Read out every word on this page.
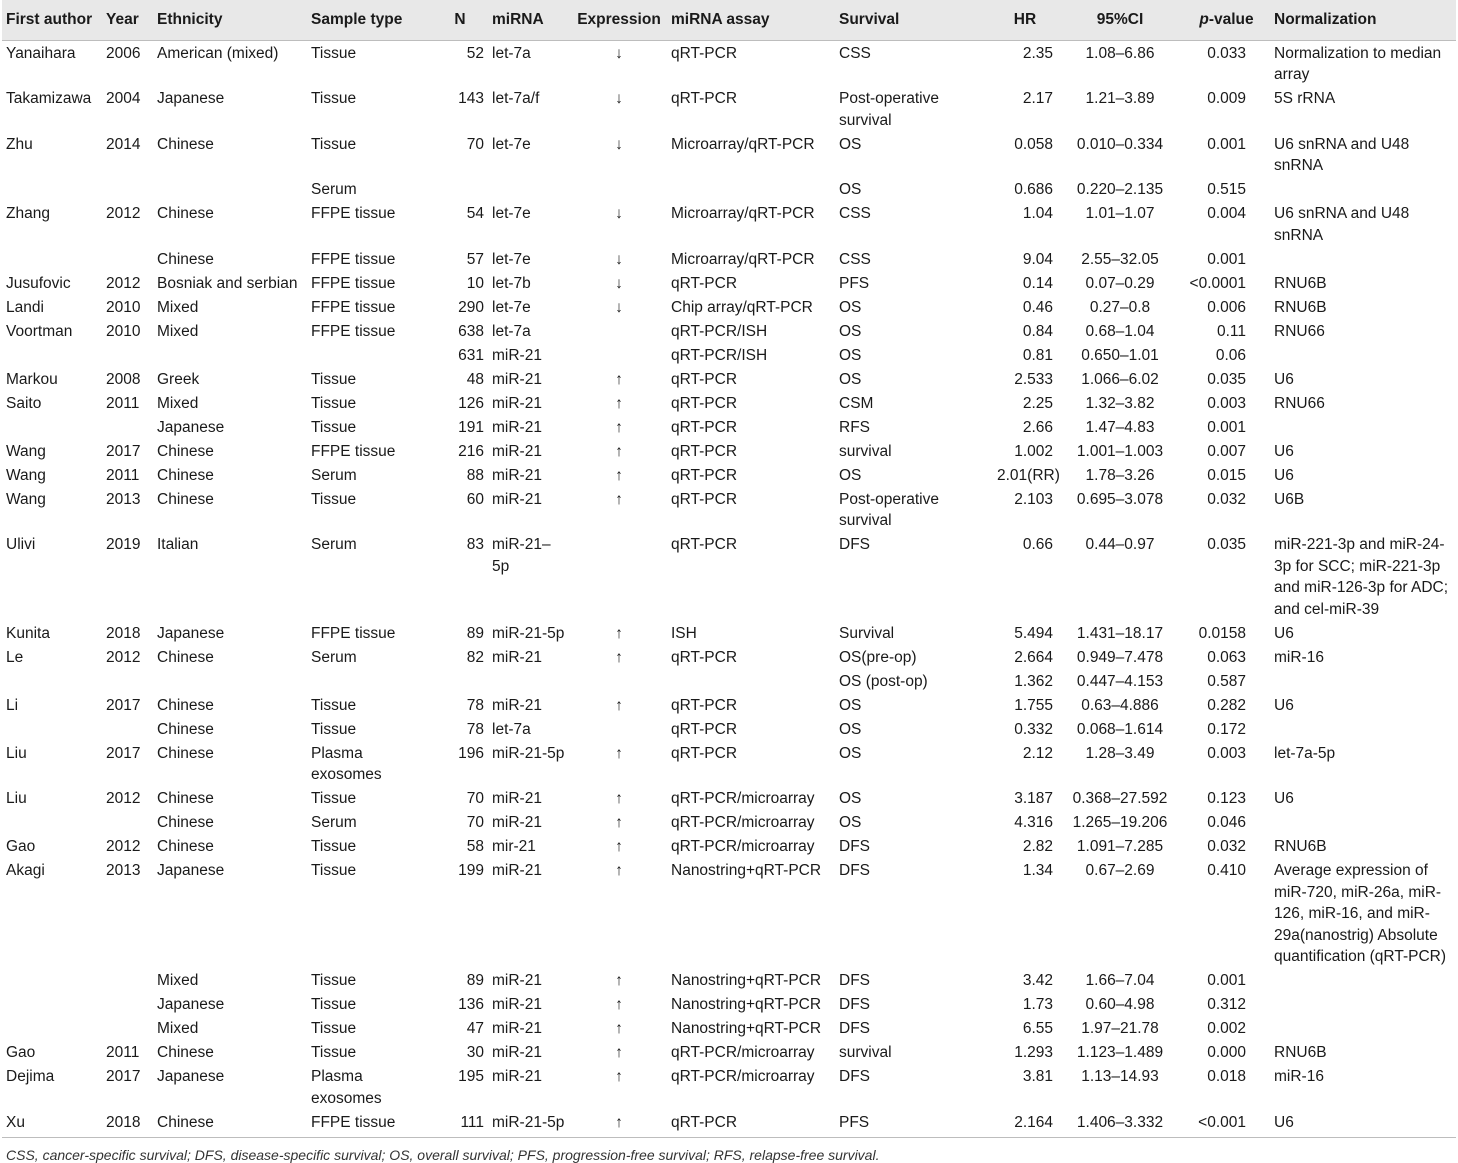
First author	Year	Ethnicity	Sample type	N	miRNA	Expression	miRNA assay	Survival	HR	95%CI	p-value	Normalization
Yanaihara	2006	American (mixed)	Tissue	52	let-7a	↓	qRT-PCR	CSS	2.35	1.08–6.86	0.033	Normalization to median array
Takamizawa	2004	Japanese	Tissue	143	let-7a/f	↓	qRT-PCR	Post-operative survival	2.17	1.21–3.89	0.009	5S rRNA
Zhu	2014	Chinese	Tissue	70	let-7e	↓	Microarray/qRT-PCR	OS	0.058	0.010–0.334	0.001	U6 snRNA and U48 snRNA
			Serum					OS	0.686	0.220–2.135	0.515	
Zhang	2012	Chinese	FFPE tissue	54	let-7e	↓	Microarray/qRT-PCR	CSS	1.04	1.01–1.07	0.004	U6 snRNA and U48 snRNA
		Chinese	FFPE tissue	57	let-7e	↓	Microarray/qRT-PCR	CSS	9.04	2.55–32.05	0.001	
Jusufovic	2012	Bosniak and serbian	FFPE tissue	10	let-7b	↓	qRT-PCR	PFS	0.14	0.07–0.29	<0.0001	RNU6B
Landi	2010	Mixed	FFPE tissue	290	let-7e	↓	Chip array/qRT-PCR	OS	0.46	0.27–0.8	0.006	RNU6B
Voortman	2010	Mixed	FFPE tissue	638	let-7a		qRT-PCR/ISH	OS	0.84	0.68–1.04	0.11	RNU66
				631	miR-21		qRT-PCR/ISH	OS	0.81	0.650–1.01	0.06	
Markou	2008	Greek	Tissue	48	miR-21	↑	qRT-PCR	OS	2.533	1.066–6.02	0.035	U6
Saito	2011	Mixed	Tissue	126	miR-21	↑	qRT-PCR	CSM	2.25	1.32–3.82	0.003	RNU66
		Japanese	Tissue	191	miR-21	↑	qRT-PCR	RFS	2.66	1.47–4.83	0.001	
Wang	2017	Chinese	FFPE tissue	216	miR-21	↑	qRT-PCR	survival	1.002	1.001–1.003	0.007	U6
Wang	2011	Chinese	Serum	88	miR-21	↑	qRT-PCR	OS	2.01(RR)	1.78–3.26	0.015	U6
Wang	2013	Chinese	Tissue	60	miR-21	↑	qRT-PCR	Post-operative survival	2.103	0.695–3.078	0.032	U6B
Ulivi	2019	Italian	Serum	83	miR-21–5p		qRT-PCR	DFS	0.66	0.44–0.97	0.035	miR-221-3p and miR-24-3p for SCC; miR-221-3p and miR-126-3p for ADC; and cel-miR-39
Kunita	2018	Japanese	FFPE tissue	89	miR-21-5p	↑	ISH	Survival	5.494	1.431–18.17	0.0158	U6
Le	2012	Chinese	Serum	82	miR-21	↑	qRT-PCR	OS(pre-op)	2.664	0.949–7.478	0.063	miR-16
								OS (post-op)	1.362	0.447–4.153	0.587	
Li	2017	Chinese	Tissue	78	miR-21	↑	qRT-PCR	OS	1.755	0.63–4.886	0.282	U6
		Chinese	Tissue	78	let-7a		qRT-PCR	OS	0.332	0.068–1.614	0.172	
Liu	2017	Chinese	Plasma exosomes	196	miR-21-5p	↑	qRT-PCR	OS	2.12	1.28–3.49	0.003	let-7a-5p
Liu	2012	Chinese	Tissue	70	miR-21	↑	qRT-PCR/microarray	OS	3.187	0.368–27.592	0.123	U6
		Chinese	Serum	70	miR-21	↑	qRT-PCR/microarray	OS	4.316	1.265–19.206	0.046	
Gao	2012	Chinese	Tissue	58	mir-21	↑	qRT-PCR/microarray	DFS	2.82	1.091–7.285	0.032	RNU6B
Akagi	2013	Japanese	Tissue	199	miR-21	↑	Nanostring+qRT-PCR	DFS	1.34	0.67–2.69	0.410	Average expression of miR-720, miR-26a, miR-126, miR-16, and miR-29a(nanostrig) Absolute quantification (qRT-PCR)
		Mixed	Tissue	89	miR-21	↑	Nanostring+qRT-PCR	DFS	3.42	1.66–7.04	0.001	
		Japanese	Tissue	136	miR-21	↑	Nanostring+qRT-PCR	DFS	1.73	0.60–4.98	0.312	
		Mixed	Tissue	47	miR-21	↑	Nanostring+qRT-PCR	DFS	6.55	1.97–21.78	0.002	
Gao	2011	Chinese	Tissue	30	miR-21	↑	qRT-PCR/microarray	survival	1.293	1.123–1.489	0.000	RNU6B
Dejima	2017	Japanese	Plasma exosomes	195	miR-21	↑	qRT-PCR/microarray	DFS	3.81	1.13–14.93	0.018	miR-16
Xu	2018	Chinese	FFPE tissue	111	miR-21-5p	↑	qRT-PCR	PFS	2.164	1.406–3.332	<0.001	U6
CSS, cancer-specific survival; DFS, disease-specific survival; OS, overall survival; PFS, progression-free survival; RFS, relapse-free survival.
